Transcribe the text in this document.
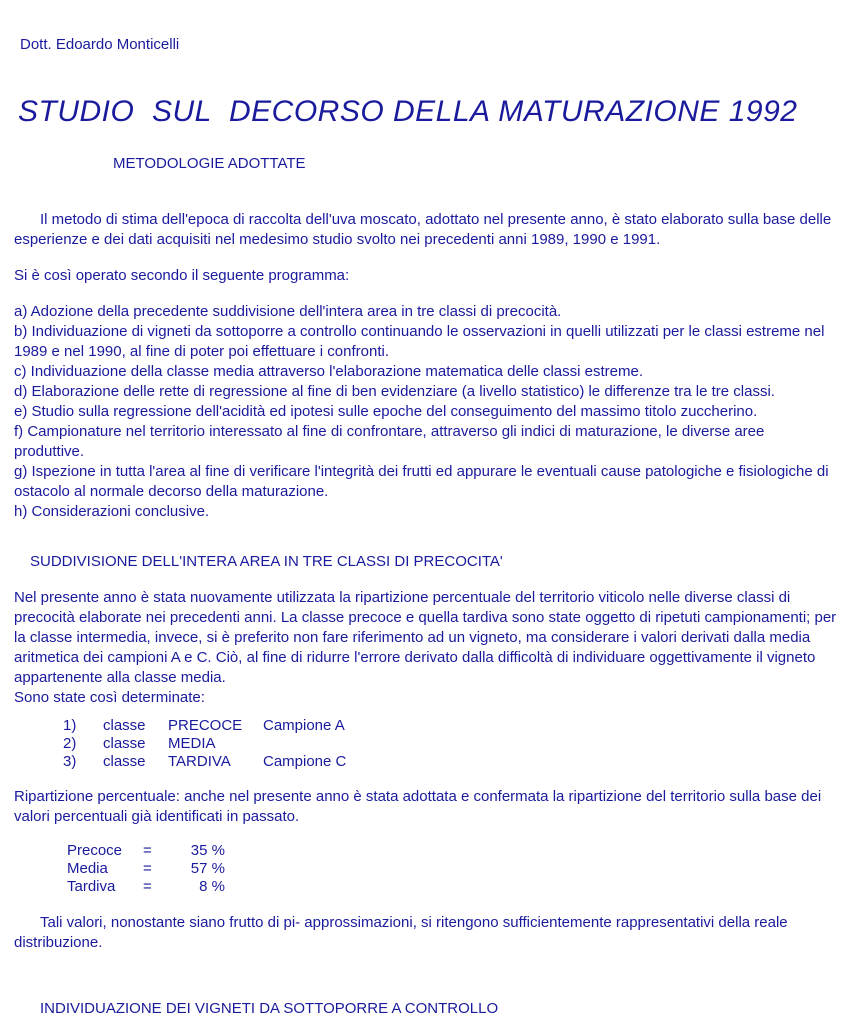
Dott. Edoardo Monticelli
STUDIO  SUL  DECORSO DELLA MATURAZIONE 1992
METODOLOGIE ADOTTATE

Il metodo di stima dell'epoca di raccolta dell'uva moscato, adottato nel presente anno, è stato elaborato sulla base delle esperienze e dei dati acquisiti nel medesimo studio svolto nei precedenti anni 1989, 1990 e 1991.

Si è così operato secondo il seguente programma:

a) Adozione della precedente suddivisione dell'intera area in tre classi di precocità.
b) Individuazione di vigneti da sottoporre a controllo continuando le osservazioni in quelli utilizzati per le classi estreme nel 1989 e nel 1990, al fine di poter poi effettuare i confronti.
c) Individuazione della classe media attraverso l'elaborazione matematica delle classi estreme.
d) Elaborazione delle rette di regressione al fine di ben evidenziare (a livello statistico) le differenze tra le tre classi.
e) Studio sulla regressione dell'acidità ed ipotesi sulle epoche del conseguimento del massimo titolo zuccherino.
f) Campionature nel territorio interessato al fine di confrontare, attraverso gli indici di maturazione, le diverse aree produttive.
g) Ispezione in tutta l'area al fine di verificare l'integrità dei frutti ed appurare le eventuali cause patologiche e fisiologiche di ostacolo al normale decorso della maturazione.
h) Considerazioni conclusive.
SUDDIVISIONE DELL'INTERA AREA IN TRE CLASSI DI PRECOCITA'

Nel presente anno è stata nuovamente utilizzata la ripartizione percentuale del territorio viticolo nelle diverse classi di precocità elaborate nei precedenti anni. La classe precoce e quella tardiva sono state oggetto di ripetuti campionamenti; per la classe intermedia, invece, si è preferito non fare riferimento ad un vigneto, ma considerare i valori derivati dalla media aritmetica dei campioni A e C. Ciò, al fine di ridurre l'errore derivato dalla difficoltà di individuare oggettivamente il vigneto appartenente alla classe media.

Sono state così determinate:

1)	classe	PRECOCE	Campione A
2)	classe	MEDIA
3)	classe	TARDIVA	Campione C

Ripartizione percentuale: anche nel presente anno è stata adottata e confermata la ripartizione del territorio sulla base dei valori percentuali già identificati in passato.

Precoce	=	35 %
Media	=	57 %
Tardiva	=	8 %

Tali valori, nonostante siano frutto di pi- approssimazioni, si ritengono sufficientemente rappresentativi della reale distribuzione.

INDIVIDUAZIONE DEI VIGNETI DA SOTTOPORRE A CONTROLLO
